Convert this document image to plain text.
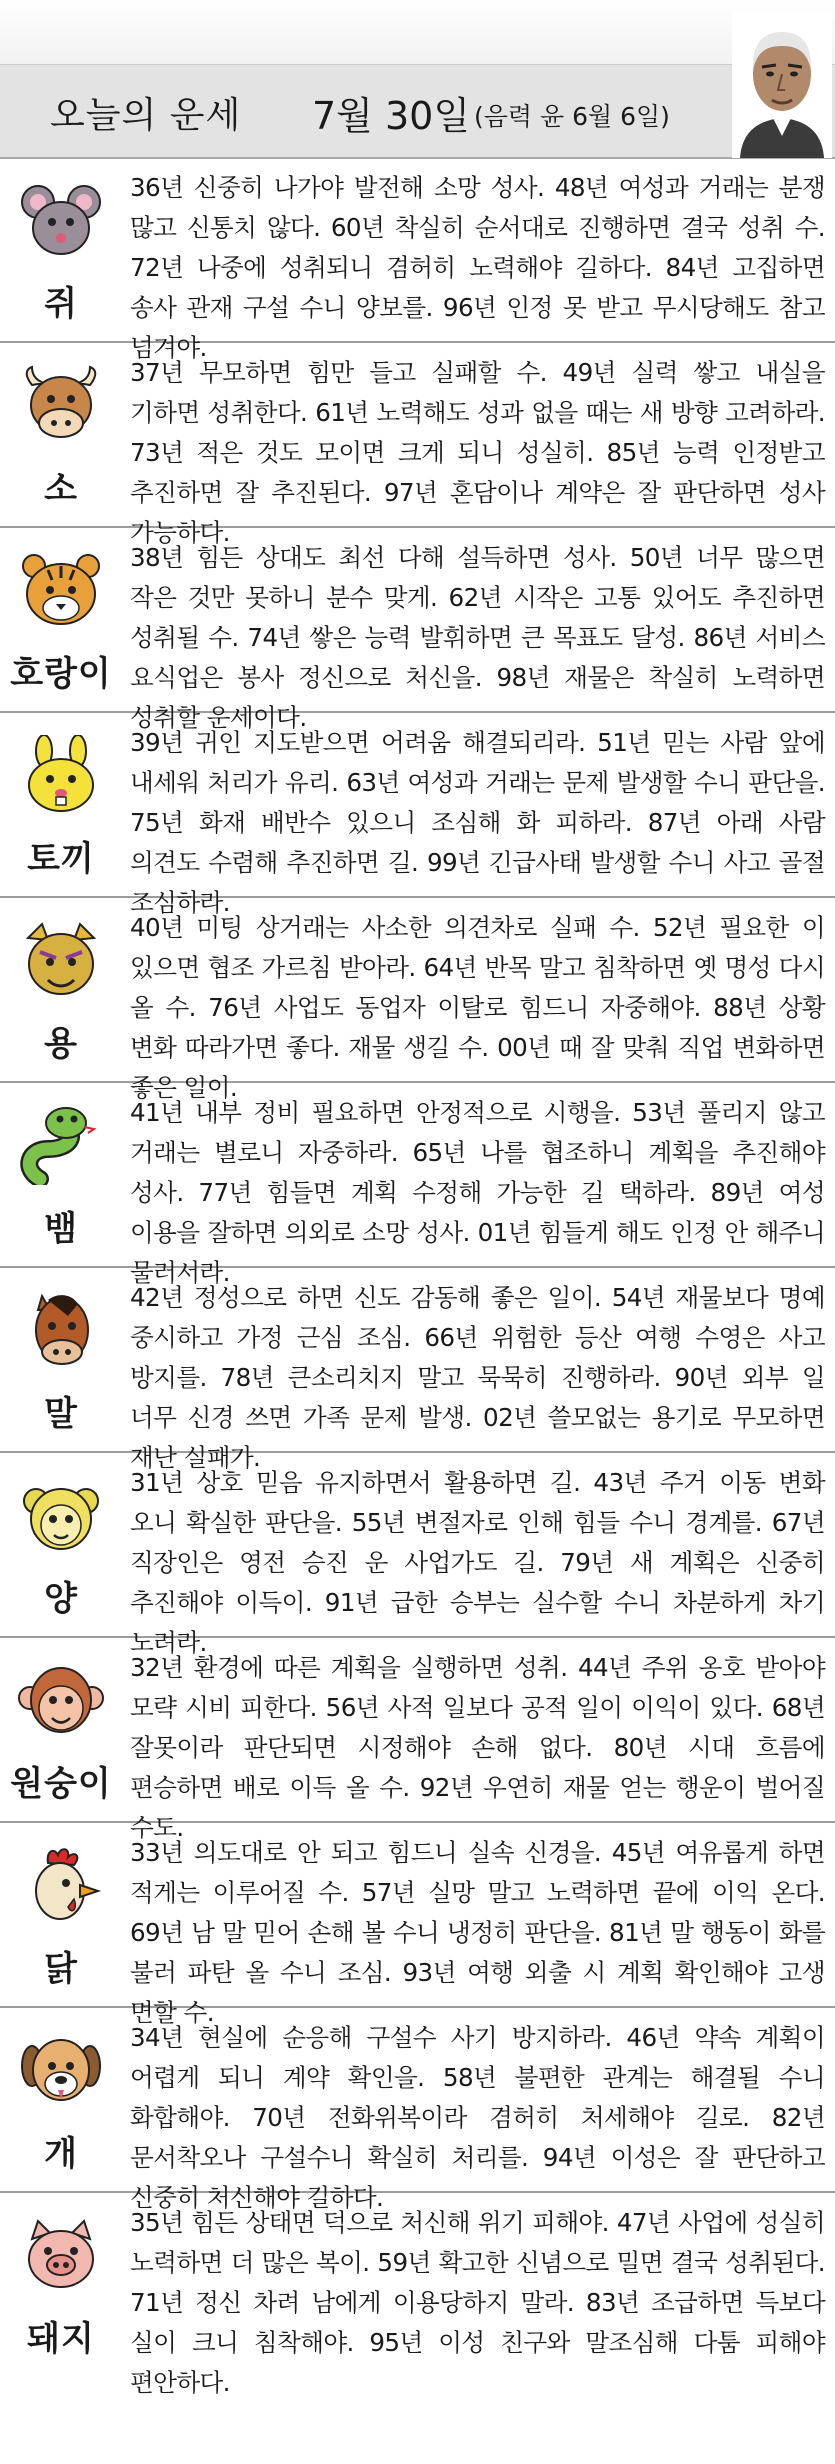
오늘의 운세 7월 30일 (음력 윤 6월 6일)
쥐
36년 신중히 나가야 발전해 소망 성사. 48년 여성과 거래는 분쟁 많고 신통치 않다. 60년 착실히 순서대로 진행하면 결국 성취 수. 72년 나중에 성취되니 겸허히 노력해야 길하다. 84년 고집하면 송사 관재 구설 수니 양보를. 96년 인정 못 받고 무시당해도 참고 넘겨야.
소
37년 무모하면 힘만 들고 실패할 수. 49년 실력 쌓고 내실을 기하면 성취한다. 61년 노력해도 성과 없을 때는 새 방향 고려하라. 73년 적은 것도 모이면 크게 되니 성실히. 85년 능력 인정받고 추진하면 잘 추진된다. 97년 혼담이나 계약은 잘 판단하면 성사 가능하다.
호랑이
38년 힘든 상대도 최선 다해 설득하면 성사. 50년 너무 많으면 작은 것만 못하니 분수 맞게. 62년 시작은 고통 있어도 추진하면 성취될 수. 74년 쌓은 능력 발휘하면 큰 목표도 달성. 86년 서비스 요식업은 봉사 정신으로 처신을. 98년 재물은 착실히 노력하면 성취할 운세이다.
토끼
39년 귀인 지도받으면 어려움 해결되리라. 51년 믿는 사람 앞에 내세워 처리가 유리. 63년 여성과 거래는 문제 발생할 수니 판단을. 75년 화재 배반수 있으니 조심해 화 피하라. 87년 아래 사람 의견도 수렴해 추진하면 길. 99년 긴급사태 발생할 수니 사고 골절 조심하라.
용
40년 미팅 상거래는 사소한 의견차로 실패 수. 52년 필요한 이 있으면 협조 가르침 받아라. 64년 반목 말고 침착하면 옛 명성 다시 올 수. 76년 사업도 동업자 이탈로 힘드니 자중해야. 88년 상황 변화 따라가면 좋다. 재물 생길 수. 00년 때 잘 맞춰 직업 변화하면 좋은 일이.
뱀
41년 내부 정비 필요하면 안정적으로 시행을. 53년 풀리지 않고 거래는 별로니 자중하라. 65년 나를 협조하니 계획을 추진해야 성사. 77년 힘들면 계획 수정해 가능한 길 택하라. 89년 여성 이용을 잘하면 의외로 소망 성사. 01년 힘들게 해도 인정 안 해주니 물러서라.
말
42년 정성으로 하면 신도 감동해 좋은 일이. 54년 재물보다 명예 중시하고 가정 근심 조심. 66년 위험한 등산 여행 수영은 사고 방지를. 78년 큰소리치지 말고 묵묵히 진행하라. 90년 외부 일 너무 신경 쓰면 가족 문제 발생. 02년 쓸모없는 용기로 무모하면 재난 실패가.
양
31년 상호 믿음 유지하면서 활용하면 길. 43년 주거 이동 변화 오니 확실한 판단을. 55년 변절자로 인해 힘들 수니 경계를. 67년 직장인은 영전 승진 운 사업가도 길. 79년 새 계획은 신중히 추진해야 이득이. 91년 급한 승부는 실수할 수니 차분하게 차기 노려라.
원숭이
32년 환경에 따른 계획을 실행하면 성취. 44년 주위 옹호 받아야 모략 시비 피한다. 56년 사적 일보다 공적 일이 이익이 있다. 68년 잘못이라 판단되면 시정해야 손해 없다. 80년 시대 흐름에 편승하면 배로 이득 올 수. 92년 우연히 재물 얻는 행운이 벌어질 수도.
닭
33년 의도대로 안 되고 힘드니 실속 신경을. 45년 여유롭게 하면 적게는 이루어질 수. 57년 실망 말고 노력하면 끝에 이익 온다. 69년 남 말 믿어 손해 볼 수니 냉정히 판단을. 81년 말 행동이 화를 불러 파탄 올 수니 조심. 93년 여행 외출 시 계획 확인해야 고생 면할 수.
개
34년 현실에 순응해 구설수 사기 방지하라. 46년 약속 계획이 어렵게 되니 계약 확인을. 58년 불편한 관계는 해결될 수니 화합해야. 70년 전화위복이라 겸허히 처세해야 길로. 82년 문서착오나 구설수니 확실히 처리를. 94년 이성은 잘 판단하고 신중히 처신해야 길하다.
돼지
35년 힘든 상태면 덕으로 처신해 위기 피해야. 47년 사업에 성실히 노력하면 더 많은 복이. 59년 확고한 신념으로 밀면 결국 성취된다. 71년 정신 차려 남에게 이용당하지 말라. 83년 조급하면 득보다 실이 크니 침착해야. 95년 이성 친구와 말조심해 다툼 피해야 편안하다.
